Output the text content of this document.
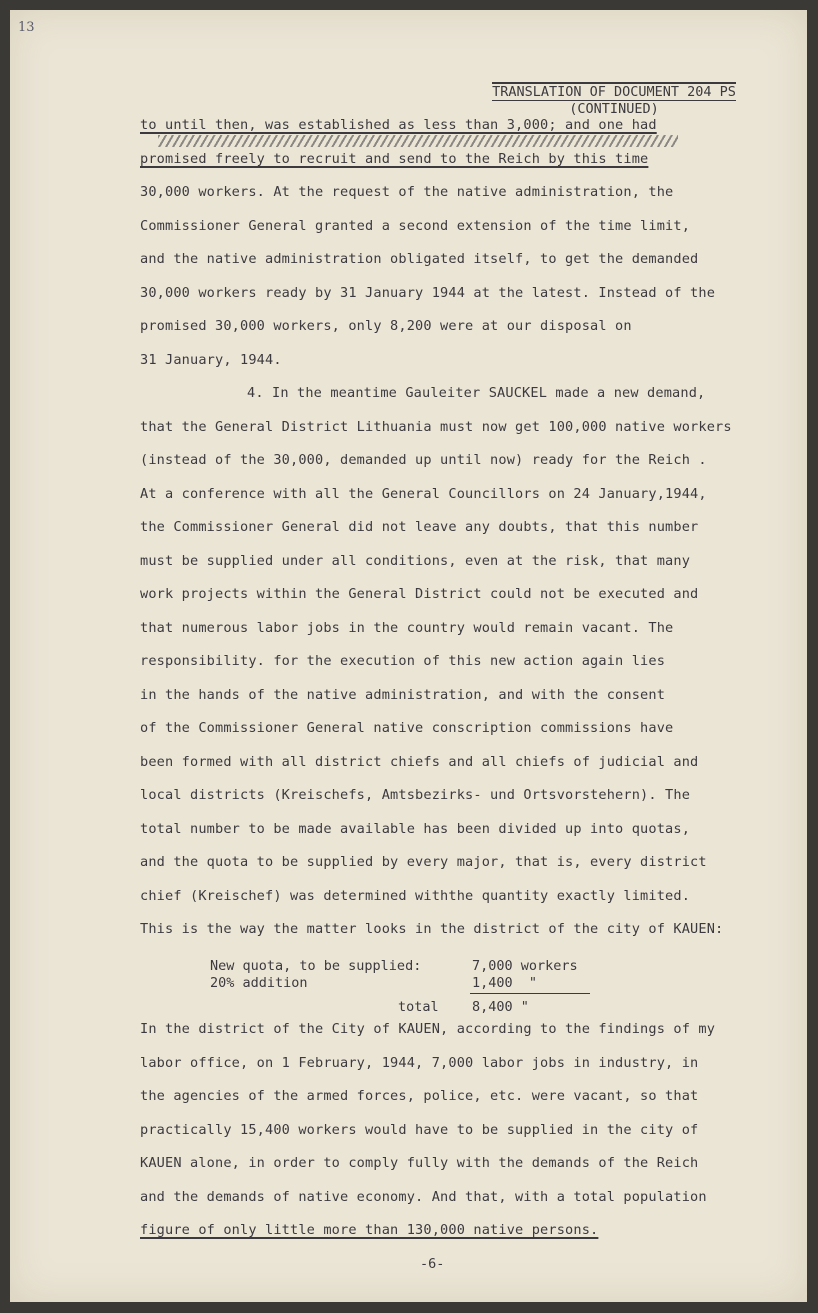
13
TRANSLATION OF DOCUMENT 204 PS
(CONTINUED)
to until then, was established as less than 3,000; and one had
promised freely to recruit and send to the Reich by this time
30,000 workers. At the request of the native administration, the
Commissioner General granted a second extension of the time limit,
and the native administration obligated itself, to get the demanded
30,000 workers ready by 31 January 1944 at the latest. Instead of the
promised 30,000 workers, only 8,200 were at our disposal on
31 January, 1944.
4. In the meantime Gauleiter SAUCKEL made a new demand,
that the General District Lithuania must now get 100,000 native workers
(instead of the 30,000, demanded up until now) ready for the Reich .
At a conference with all the General Councillors on 24 January,1944,
the Commissioner General did not leave any doubts, that this number
must be supplied under all conditions, even at the risk, that many
work projects within the General District could not be executed and
that numerous labor jobs in the country would remain vacant. The
responsibility. for the execution of this new action again lies
in the hands of the native administration, and with the consent
of the Commissioner General native conscription commissions have
been formed with all district chiefs and all chiefs of judicial and
local districts (Kreischefs, Amtsbezirks- und Ortsvorstehern). The
total number to be made available has been divided up into quotas,
and the quota to be supplied by every major, that is, every district
chief (Kreischef) was determined withthe quantity exactly limited.
This is the way the matter looks in the district of the city of KAUEN:
New quota, to be supplied:	7,000 workers
20% addition	1,400  "
total 8,400 "
In the district of the City of KAUEN, according to the findings of my
labor office, on 1 February, 1944, 7,000 labor jobs in industry, in
the agencies of the armed forces, police, etc. were vacant, so that
practically 15,400 workers would have to be supplied in the city of
KAUEN alone, in order to comply fully with the demands of the Reich
and the demands of native economy. And that, with a total population
figure of only little more than 130,000 native persons.
-6-
